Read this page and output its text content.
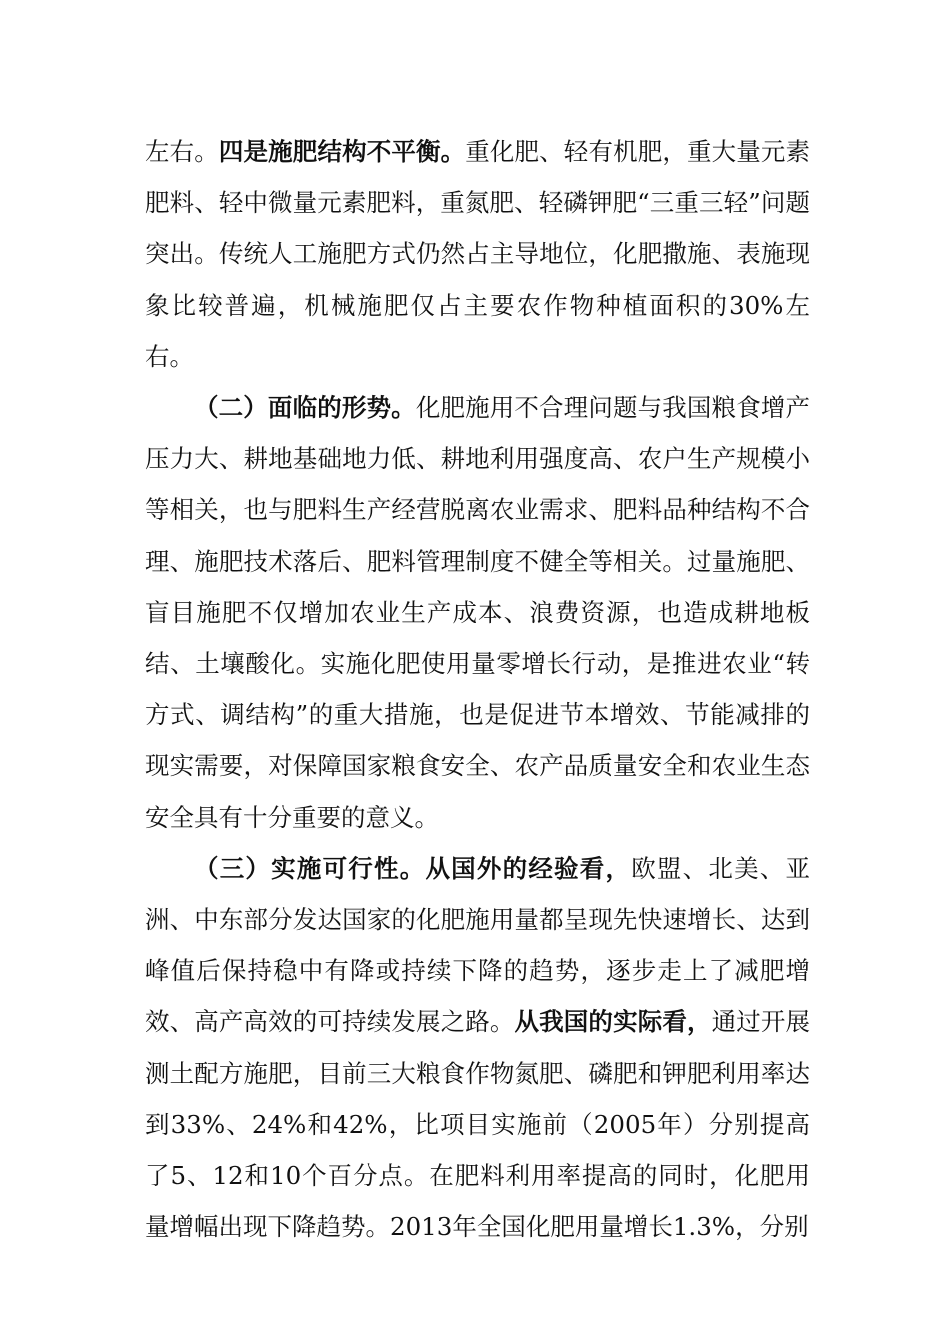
左右。四是施肥结构不平衡。重化肥、轻有机肥，重大量元素肥料、轻中微量元素肥料，重氮肥、轻磷钾肥“三重三轻”问题突出。传统人工施肥方式仍然占主导地位，化肥撒施、表施现象比较普遍，机械施肥仅占主要农作物种植面积的30%左右。

（二）面临的形势。化肥施用不合理问题与我国粮食增产压力大、耕地基础地力低、耕地利用强度高、农户生产规模小等相关，也与肥料生产经营脱离农业需求、肥料品种结构不合理、施肥技术落后、肥料管理制度不健全等相关。过量施肥、盲目施肥不仅增加农业生产成本、浪费资源，也造成耕地板结、土壤酸化。实施化肥使用量零增长行动，是推进农业“转方式、调结构”的重大措施，也是促进节本增效、节能减排的现实需要，对保障国家粮食安全、农产品质量安全和农业生态安全具有十分重要的意义。

（三）实施可行性。从国外的经验看，欧盟、北美、亚洲、中东部分发达国家的化肥施用量都呈现先快速增长、达到峰值后保持稳中有降或持续下降的趋势，逐步走上了减肥增效、高产高效的可持续发展之路。从我国的实际看，通过开展测土配方施肥，目前三大粮食作物氮肥、磷肥和钾肥利用率达到33%、24%和42%，比项目实施前（2005年）分别提高了5、12和10个百分点。在肥料利用率提高的同时，化肥用量增幅出现下降趋势。2013年全国化肥用量增长1.3%，分别
